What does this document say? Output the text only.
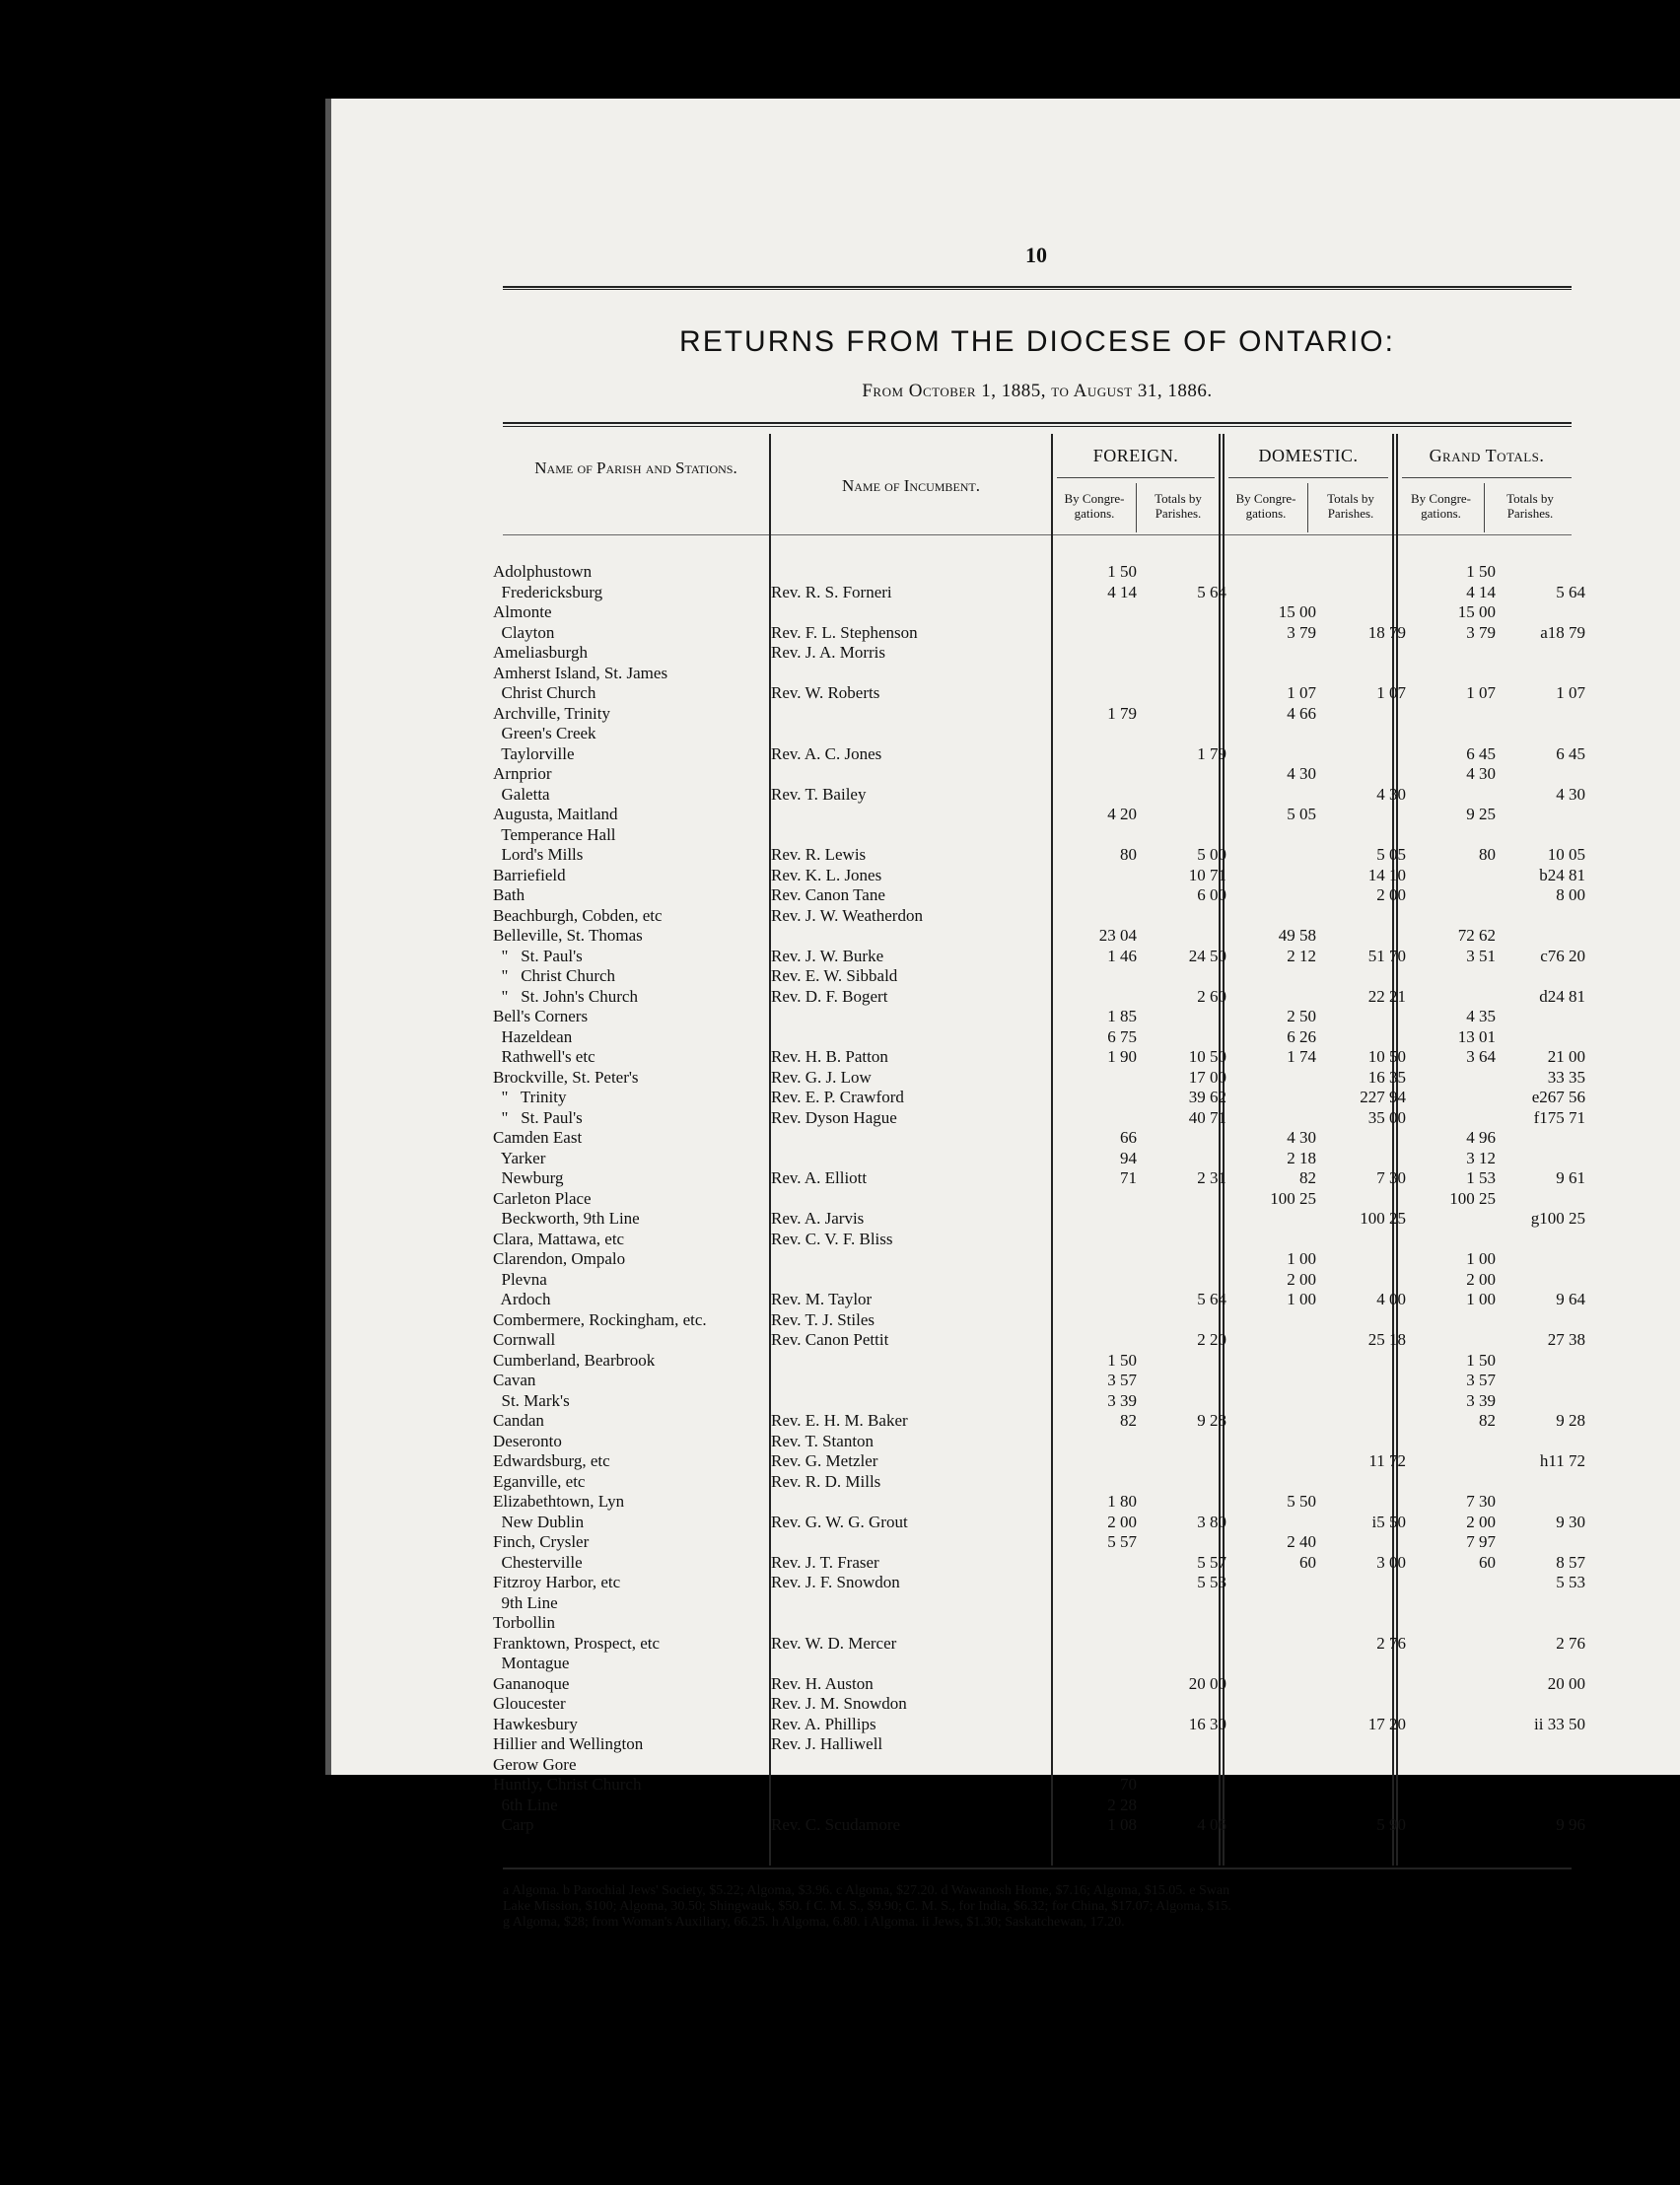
10
RETURNS FROM THE DIOCESE OF ONTARIO:
From October 1, 1885, to August 31, 1886.
Name of Parish and Stations.
Name of Incumbent.
FOREIGN.	DOMESTIC.	Grand Totals.
By Congre-gations.
Totals by Parishes.
By Congre-gations.
Totals by Parishes.
By Congre-gations.
Totals by Parishes.
Adolphustown		1 50				1 50	
Fredericksburg	Rev. R. S. Forneri	4 14	5 64			4 14	5 64
Almonte				15 00		15 00	
Clayton	Rev. F. L. Stephenson			3 79	18 79	3 79	a18 79
Ameliasburgh	Rev. J. A. Morris						
Amherst Island, St. James							
Christ Church	Rev. W. Roberts			1 07	1 07	1 07	1 07
Archville, Trinity		1 79		4 66			
Green's Creek							
Taylorville	Rev. A. C. Jones		1 79			6 45	6 45
Arnprior				4 30		4 30	
Galetta	Rev. T. Bailey				4 30		4 30
Augusta, Maitland		4 20		5 05		9 25	
Temperance Hall							
Lord's Mills	Rev. R. Lewis	80	5 00		5 05	80	10 05
Barriefield	Rev. K. L. Jones		10 71		14 10		b24 81
Bath	Rev. Canon Tane		6 00		2 00		8 00
Beachburgh, Cobden, etc	Rev. J. W. Weatherdon						
Belleville, St. Thomas		23 04		49 58		72 62	
"   St. Paul's	Rev. J. W. Burke	1 46	24 50	2 12	51 70	3 51	c76 20
"   Christ Church	Rev. E. W. Sibbald						
"   St. John's Church	Rev. D. F. Bogert		2 60		22 21		d24 81
Bell's Corners		1 85		2 50		4 35	
Hazeldean		6 75		6 26		13 01	
Rathwell's etc	Rev. H. B. Patton	1 90	10 50	1 74	10 50	3 64	21 00
Brockville, St. Peter's	Rev. G. J. Low		17 00		16 35		33 35
"   Trinity	Rev. E. P. Crawford		39 62		227 94		e267 56
"   St. Paul's	Rev. Dyson Hague		40 71		35 00		f175 71
Camden East		66		4 30		4 96	
Yarker		94		2 18		3 12	
Newburg	Rev. A. Elliott	71	2 31	82	7 30	1 53	9 61
Carleton Place				100 25		100 25	
Beckworth, 9th Line	Rev. A. Jarvis				100 25		g100 25
Clara, Mattawa, etc	Rev. C. V. F. Bliss						
Clarendon, Ompalo				1 00		1 00	
Plevna				2 00		2 00	
Ardoch	Rev. M. Taylor		5 64	1 00	4 00	1 00	9 64
Combermere, Rockingham, etc.	Rev. T. J. Stiles						
Cornwall	Rev. Canon Pettit		2 20		25 18		27 38
Cumberland, Bearbrook		1 50				1 50	
Cavan		3 57				3 57	
St. Mark's		3 39				3 39	
Candan	Rev. E. H. M. Baker	82	9 28			82	9 28
Deseronto	Rev. T. Stanton						
Edwardsburg, etc	Rev. G. Metzler				11 72		h11 72
Eganville, etc	Rev. R. D. Mills						
Elizabethtown, Lyn		1 80		5 50		7 30	
New Dublin	Rev. G. W. G. Grout	2 00	3 80		i5 50	2 00	9 30
Finch, Crysler		5 57		2 40		7 97	
Chesterville	Rev. J. T. Fraser		5 57	60	3 00	60	8 57
Fitzroy Harbor, etc	Rev. J. F. Snowdon		5 53				5 53
9th Line							
Torbollin							
Franktown, Prospect, etc	Rev. W. D. Mercer				2 76		2 76
Montague							
Gananoque	Rev. H. Auston		20 00				20 00
Gloucester	Rev. J. M. Snowdon						
Hawkesbury	Rev. A. Phillips		16 30		17 20		ii 33 50
Hillier and Wellington	Rev. J. Halliwell						
Gerow Gore							
Huntly, Christ Church		70					
6th Line		2 28					
Carp	Rev. C. Scudamore	1 08	4 06		5 90		9 96
a Algoma. b Parochial Jews' Society, $5.22; Algoma, $3.96. c Algoma, $27.20. d Wawanosh Home, $7.16; Algoma, $15.05. e Swan
Lake Mission, $100; Algoma, 30.50; Shingwauk, $50. f C. M. S., $9.90; C. M. S., for India, $6.32; for China, $17.07; Algoma, $15.
g Algoma, $28; from Woman's Auxiliary, 66.25. h Algoma, 6.80. i Algoma. ii Jews, $1.30; Saskatchewan, 17.20.
